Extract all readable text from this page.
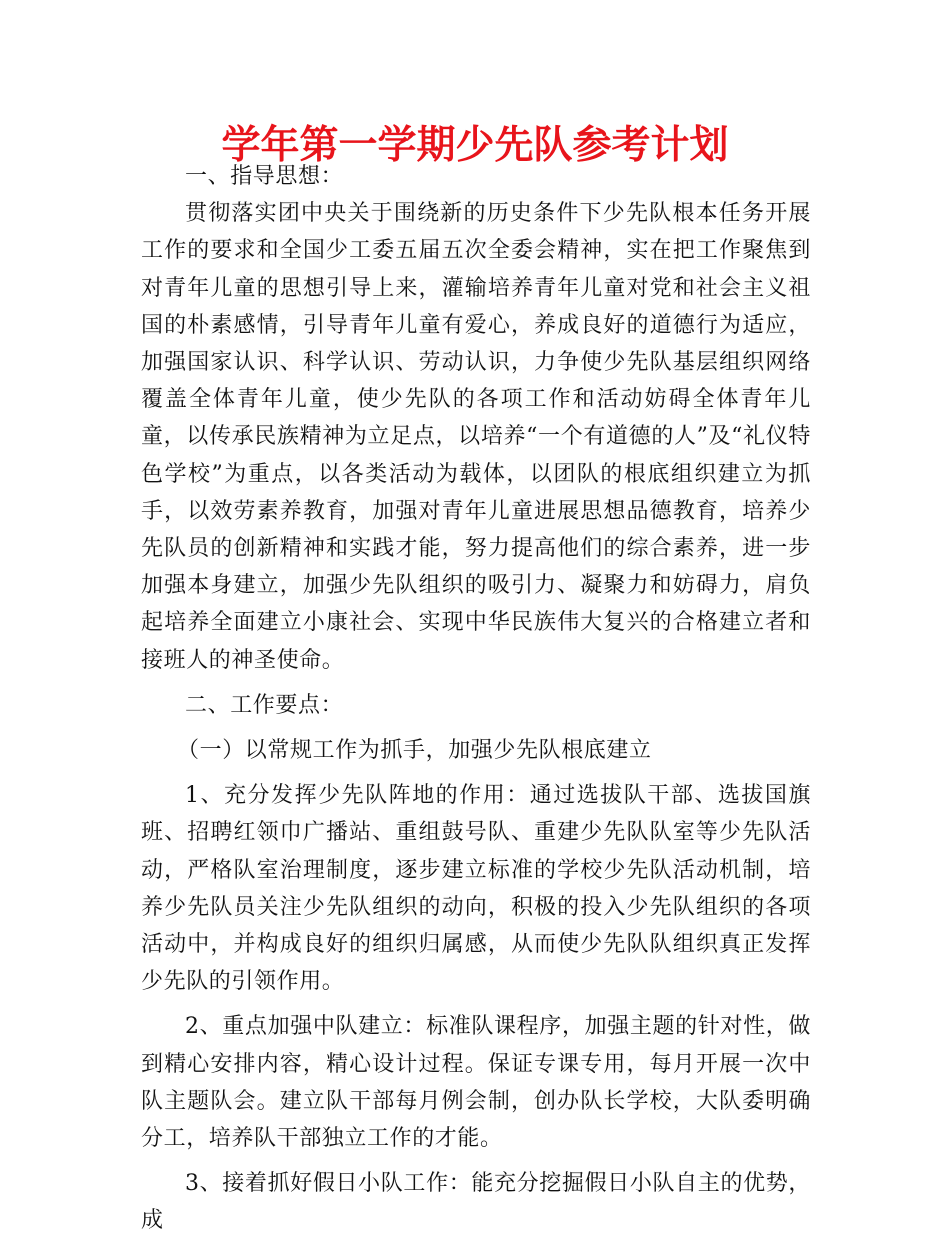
学年第一学期少先队参考计划

一、指导思想：

贯彻落实团中央关于围绕新的历史条件下少先队根本任务开展工作的要求和全国少工委五届五次全委会精神，实在把工作聚焦到对青年儿童的思想引导上来，灌输培养青年儿童对党和社会主义祖国的朴素感情，引导青年儿童有爱心，养成良好的道德行为适应，加强国家认识、科学认识、劳动认识，力争使少先队基层组织网络覆盖全体青年儿童，使少先队的各项工作和活动妨碍全体青年儿童，以传承民族精神为立足点，以培养“一个有道德的人”及“礼仪特色学校”为重点，以各类活动为载体，以团队的根底组织建立为抓手，以效劳素养教育，加强对青年儿童进展思想品德教育，培养少先队员的创新精神和实践才能，努力提高他们的综合素养，进一步加强本身建立，加强少先队组织的吸引力、凝聚力和妨碍力，肩负起培养全面建立小康社会、实现中华民族伟大复兴的合格建立者和接班人的神圣使命。

二、工作要点：

（一）以常规工作为抓手，加强少先队根底建立

1、充分发挥少先队阵地的作用：通过选拔队干部、选拔国旗班、招聘红领巾广播站、重组鼓号队、重建少先队队室等少先队活动，严格队室治理制度，逐步建立标准的学校少先队活动机制，培养少先队员关注少先队组织的动向，积极的投入少先队组织的各项活动中，并构成良好的组织归属感，从而使少先队队组织真正发挥少先队的引领作用。

2、重点加强中队建立：标准队课程序，加强主题的针对性，做到精心安排内容，精心设计过程。保证专课专用，每月开展一次中队主题队会。建立队干部每月例会制，创办队长学校，大队委明确分工，培养队干部独立工作的才能。

3、接着抓好假日小队工作：能充分挖掘假日小队自主的优势，成
